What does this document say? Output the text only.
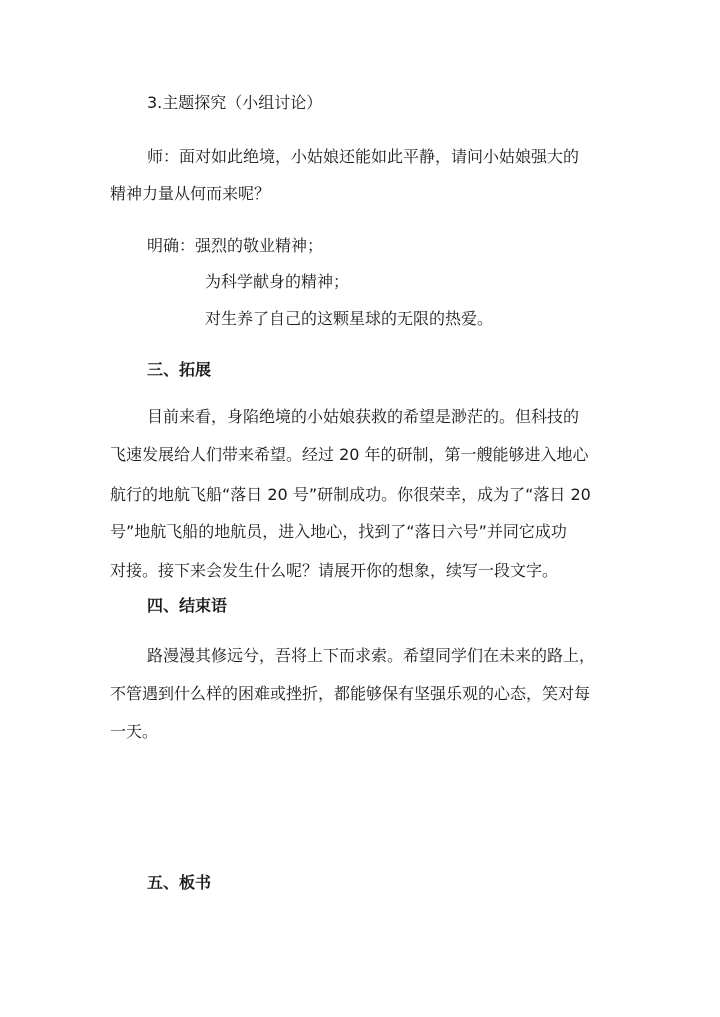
3.主题探究（小组讨论）
师：面对如此绝境，小姑娘还能如此平静，请问小姑娘强大的
精神力量从何而来呢？
明确：强烈的敬业精神；
为科学献身的精神；
对生养了自己的这颗星球的无限的热爱。
三、拓展
目前来看，身陷绝境的小姑娘获救的希望是渺茫的。但科技的
飞速发展给人们带来希望。经过 20 年的研制，第一艘能够进入地心
航行的地航飞船“落日 20 号”研制成功。你很荣幸，成为了“落日 20
号”地航飞船的地航员，进入地心，找到了“落日六号”并同它成功
对接。接下来会发生什么呢？请展开你的想象，续写一段文字。
四、结束语
路漫漫其修远兮，吾将上下而求索。希望同学们在未来的路上，
不管遇到什么样的困难或挫折，都能够保有坚强乐观的心态，笑对每
一天。
五、板书
